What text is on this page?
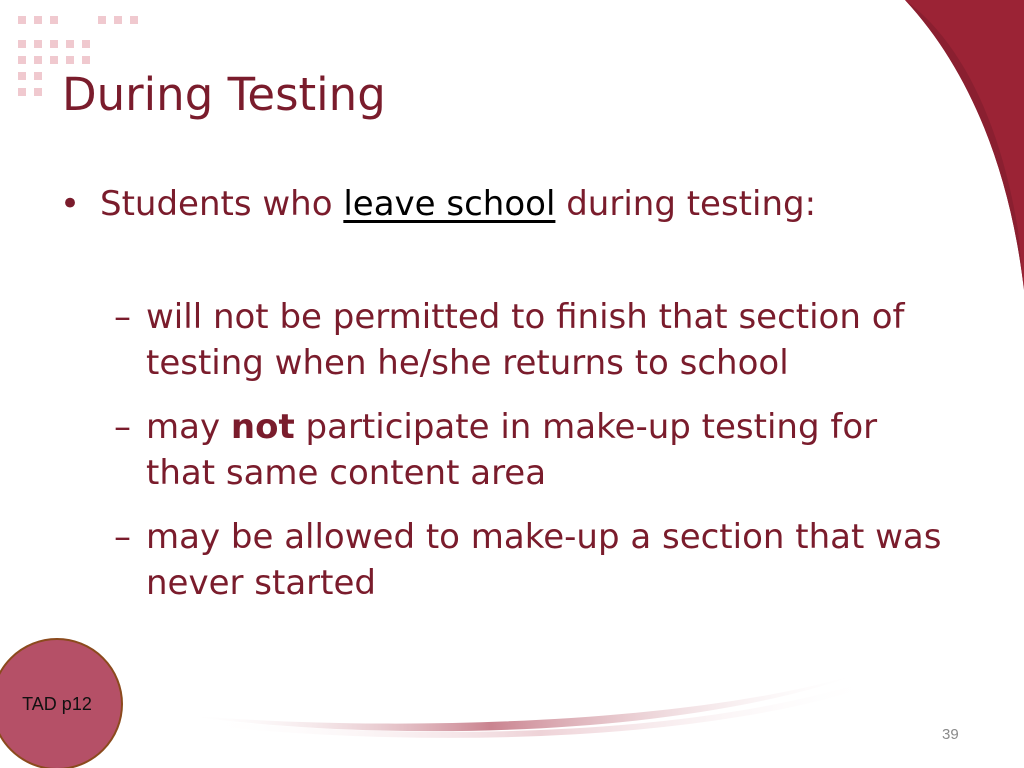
During Testing
• Students who leave school during testing:
– will not be permitted to finish that section of testing when he/she returns to school
– may not participate in make-up testing for that same content area
– may be allowed to make-up a section that was never started
TAD p12
39
